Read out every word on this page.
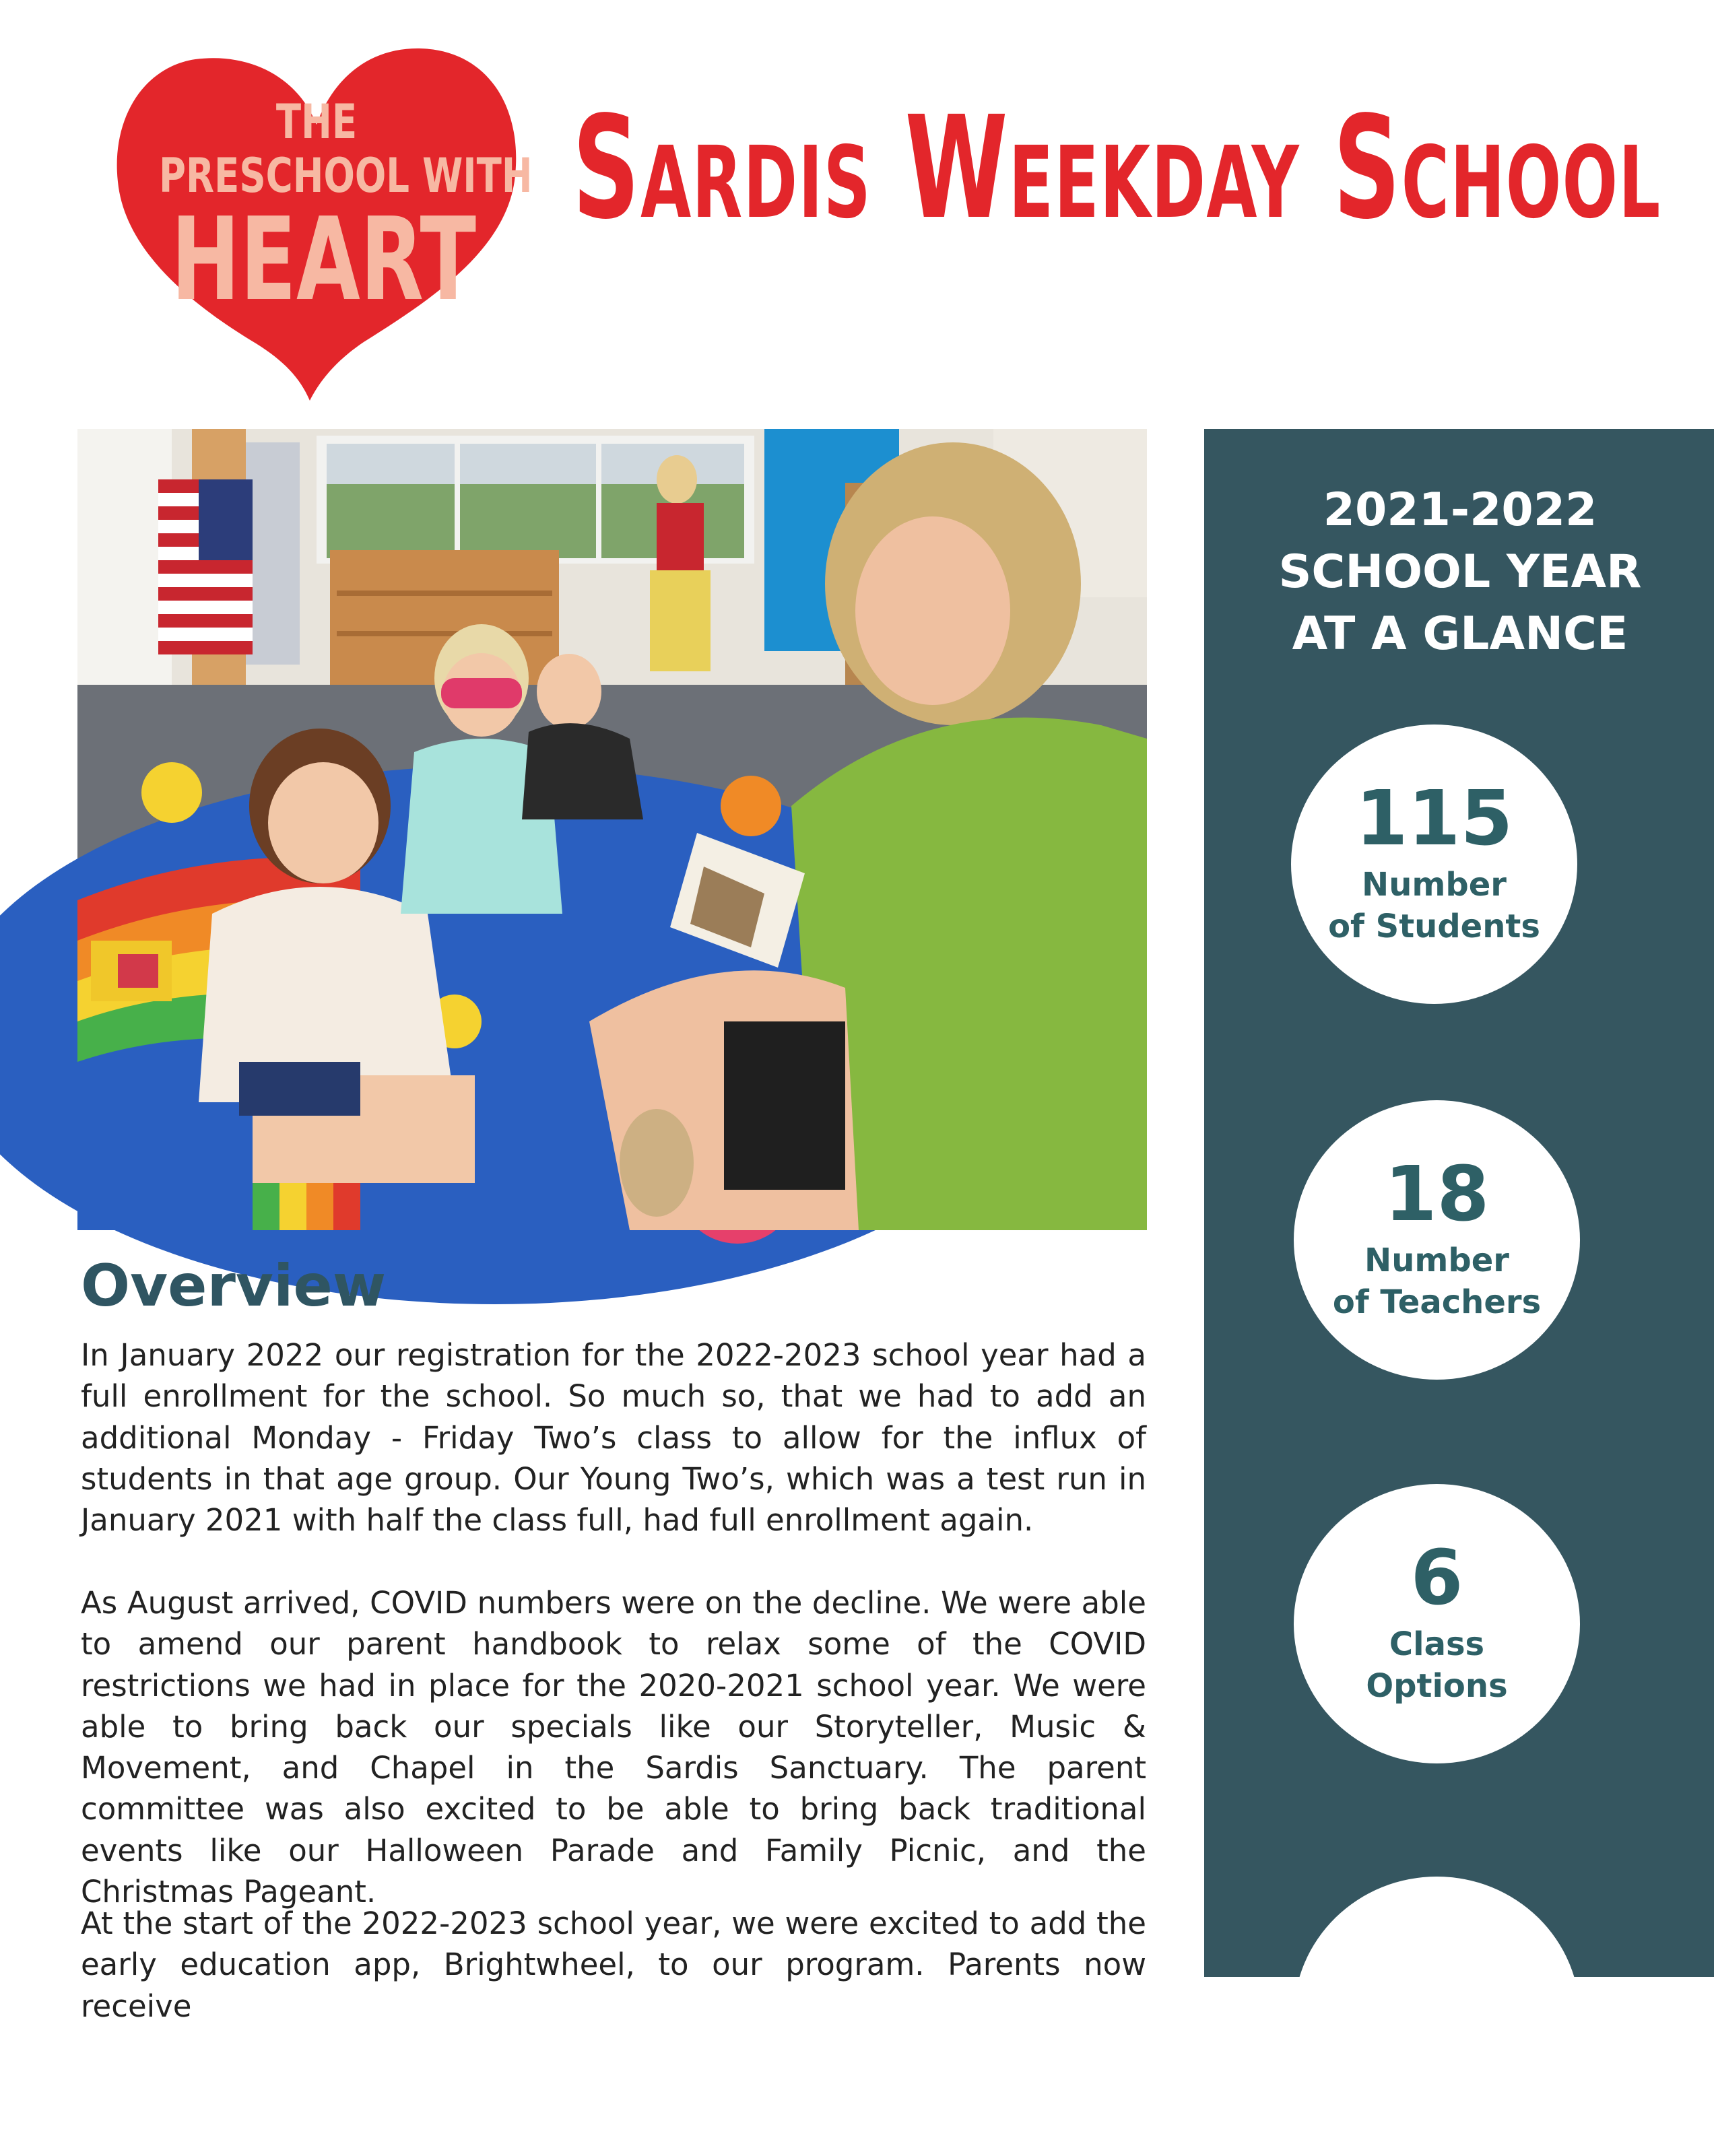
THE
PRESCHOOL WITH
HEART
Sardis Weekday School
Overview

In January 2022 our registration for the 2022-2023 school year had a full enrollment for the school. So much so, that we had to add an additional Monday - Friday Two’s class to allow for the influx of students in that age group. Our Young Two’s, which was a test run in January 2021 with half the class full, had full enrollment again.

As August arrived, COVID numbers were on the decline. We were able to amend our parent handbook to relax some of the COVID restrictions we had in place for the 2020-2021 school year. We were able to bring back our specials like our Storyteller, Music & Movement, and Chapel in the Sardis Sanctuary. The parent committee was also excited to be able to bring back traditional events like our Halloween Parade and Family Picnic, and the Christmas Pageant.

At the start of the 2022-2023 school year, we were excited to add the early education app, Brightwheel, to our program. Parents now receive

2021-2022
SCHOOL YEAR
AT A GLANCE
115
Number
of Students
18
Number
of Teachers
6
Class
Options
